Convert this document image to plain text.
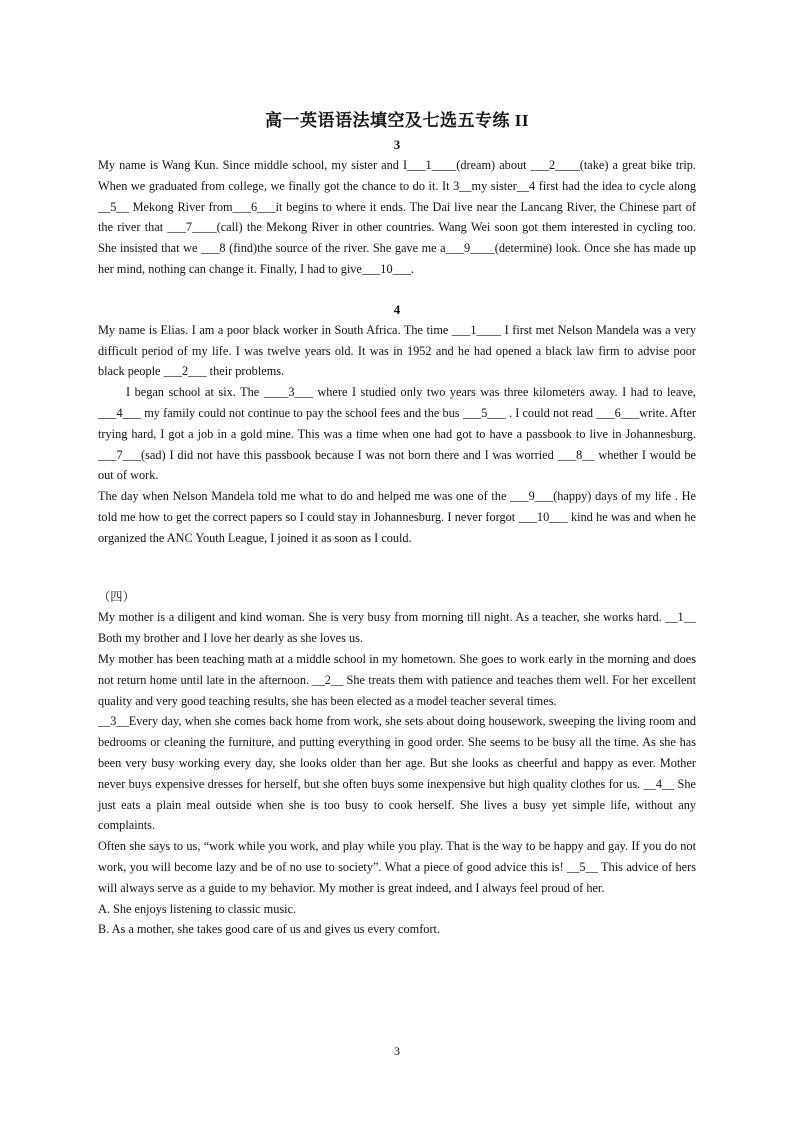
高一英语语法填空及七选五专练 II

3

My name is Wang Kun. Since middle school, my sister and I___1____(dream) about ___2____(take) a great bike trip. When we graduated from college, we finally got the chance to do it. It 3__my sister__4 first had the idea to cycle along __5__ Mekong River from___6___it begins to where it ends. The Dai live near the Lancang River, the Chinese part of the river that ___7____(call) the Mekong River in other countries. Wang Wei soon got them interested in cycling too. She insisted that we ___8 (find)the source of the river. She gave me a___9____(determine) look. Once she has made up her mind, nothing can change it. Finally, I had to give___10___.

4

My name is Elias. I am a poor black worker in South Africa. The time ___1____ I first met Nelson Mandela was a very difficult period of my life. I was twelve years old. It was in 1952 and he had opened a black law firm to advise poor black people ___2___ their problems.

I began school at six. The ____3___ where I studied only two years was three kilometers away. I had to leave, ___4___ my family could not continue to pay the school fees and the bus ___5___ . I could not read ___6___write. After trying hard, I got a job in a gold mine. This was a time when one had got to have a passbook to live in Johannesburg. ___7___(sad) I did not have this passbook because I was not born there and I was worried ___8__ whether I would be out of work.

The day when Nelson Mandela told me what to do and helped me was one of the ___9___(happy) days of my life . He told me how to get the correct papers so I could stay in Johannesburg. I never forgot ___10___ kind he was and when he organized the ANC Youth League, I joined it as soon as I could.

（四）

My mother is a diligent and kind woman. She is very busy from morning till night. As a teacher, she works hard. __1__ Both my brother and I love her dearly as she loves us.

My mother has been teaching math at a middle school in my hometown. She goes to work early in the morning and does not return home until late in the afternoon. __2__ She treats them with patience and teaches them well. For her excellent quality and very good teaching results, she has been elected as a model teacher several times.

__3__Every day, when she comes back home from work, she sets about doing housework, sweeping the living room and bedrooms or cleaning the furniture, and putting everything in good order. She seems to be busy all the time. As she has been very busy working every day, she looks older than her age. But she looks as cheerful and happy as ever. Mother never buys expensive dresses for herself, but she often buys some inexpensive but high quality clothes for us. __4__ She just eats a plain meal outside when she is too busy to cook herself. She lives a busy yet simple life, without any complaints.

Often she says to us, “work while you work, and play while you play. That is the way to be happy and gay. If you do not work, you will become lazy and be of no use to society”. What a piece of good advice this is! __5__ This advice of hers will always serve as a guide to my behavior. My mother is great indeed, and I always feel proud of her.

A. She enjoys listening to classic music.

B. As a mother, she takes good care of us and gives us every comfort.

3
